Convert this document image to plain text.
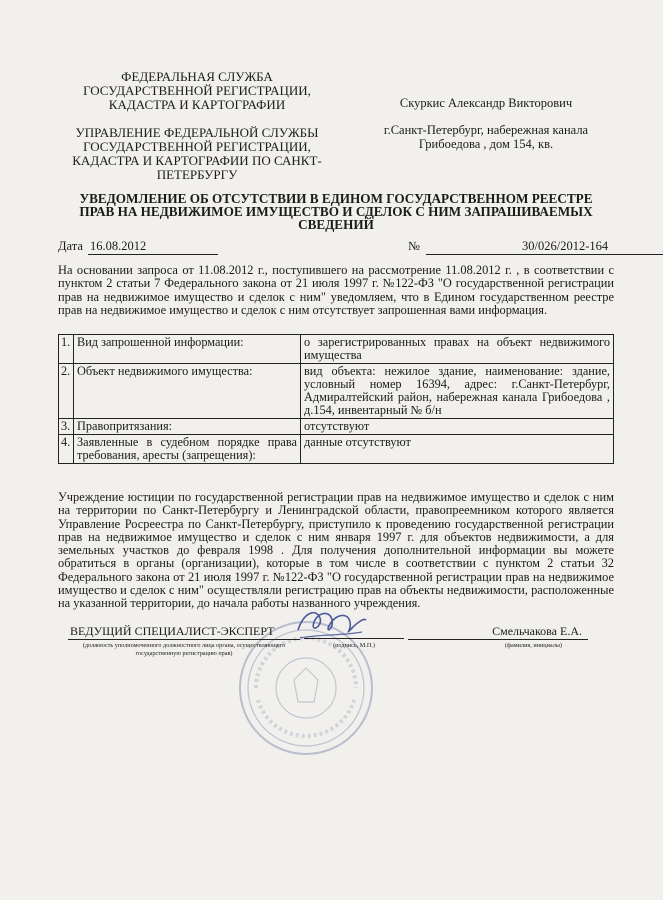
ФЕДЕРАЛЬНАЯ СЛУЖБА
ГОСУДАРСТВЕННОЙ РЕГИСТРАЦИИ,
КАДАСТРА И КАРТОГРАФИИ
УПРАВЛЕНИЕ ФЕДЕРАЛЬНОЙ СЛУЖБЫ
ГОСУДАРСТВЕННОЙ РЕГИСТРАЦИИ,
КАДАСТРА И КАРТОГРАФИИ ПО САНКТ-
ПЕТЕРБУРГУ
Скуркис Александр Викторович
г.Санкт-Петербург, набережная канала
Грибоедова , дом 154, кв.
УВЕДОМЛЕНИЕ ОБ ОТСУТСТВИИ В ЕДИНОМ ГОСУДАРСТВЕННОМ РЕЕСТРЕ
ПРАВ НА НЕДВИЖИМОЕ ИМУЩЕСТВО И СДЕЛОК С НИМ ЗАПРАШИВАЕМЫХ
СВЕДЕНИЙ
Дата 16.08.2012	№	30/026/2012-164
На основании запроса от 11.08.2012 г., поступившего на рассмотрение 11.08.2012 г. , в соответствии с пунктом 2 статьи 7 Федерального закона от 21 июля 1997 г. №122-ФЗ "О государственной регистрации прав на недвижимое имущество и сделок с ним" уведомляем, что в Едином государственном реестре прав на недвижимое имущество и сделок с ним отсутствует запрошенная вами информация.
1.	Вид запрошенной информации:	о зарегистрированных правах на объект недвижимого имущества
2.	Объект недвижимого имущества:	вид объекта: нежилое здание, наименование: здание, условный номер 16394, адрес: г.Санкт-Петербург, Адмиралтейский район, набережная канала Грибоедова , д.154, инвентарный № б/н
3.	Правопритязания:	отсутствуют
4.	Заявленные в судебном порядке права требования, аресты (запрещения):	данные отсутствуют
Учреждение юстиции по государственной регистрации прав на недвижимое имущество и сделок с ним на территории по Санкт-Петербургу и Ленинградской области, правопреемником которого является Управление Росреестра по Санкт-Петербургу, приступило к проведению государственной регистрации прав на недвижимое имущество и сделок с ним января 1997 г. для объектов недвижимости, а для земельных участков до февраля 1998 . Для получения дополнительной информации вы можете обратиться в органы (организации), которые в том числе в соответствии с пунктом 2 статьи 32 Федерального закона от 21 июля 1997 г. №122-ФЗ "О государственной регистрации прав на недвижимое имущество и сделок с ним" осуществляли регистрацию прав на объекты недвижимости, расположенные на указанной территории, до начала работы названного учреждения.
ВЕДУЩИЙ СПЕЦИАЛИСТ-ЭКСПЕРТ	Смельчакова Е.А.
(должность уполномоченного должностного лица органа, осуществляющего государственную регистрацию прав)
(подпись, М.П.)	(фамилия, инициалы)
